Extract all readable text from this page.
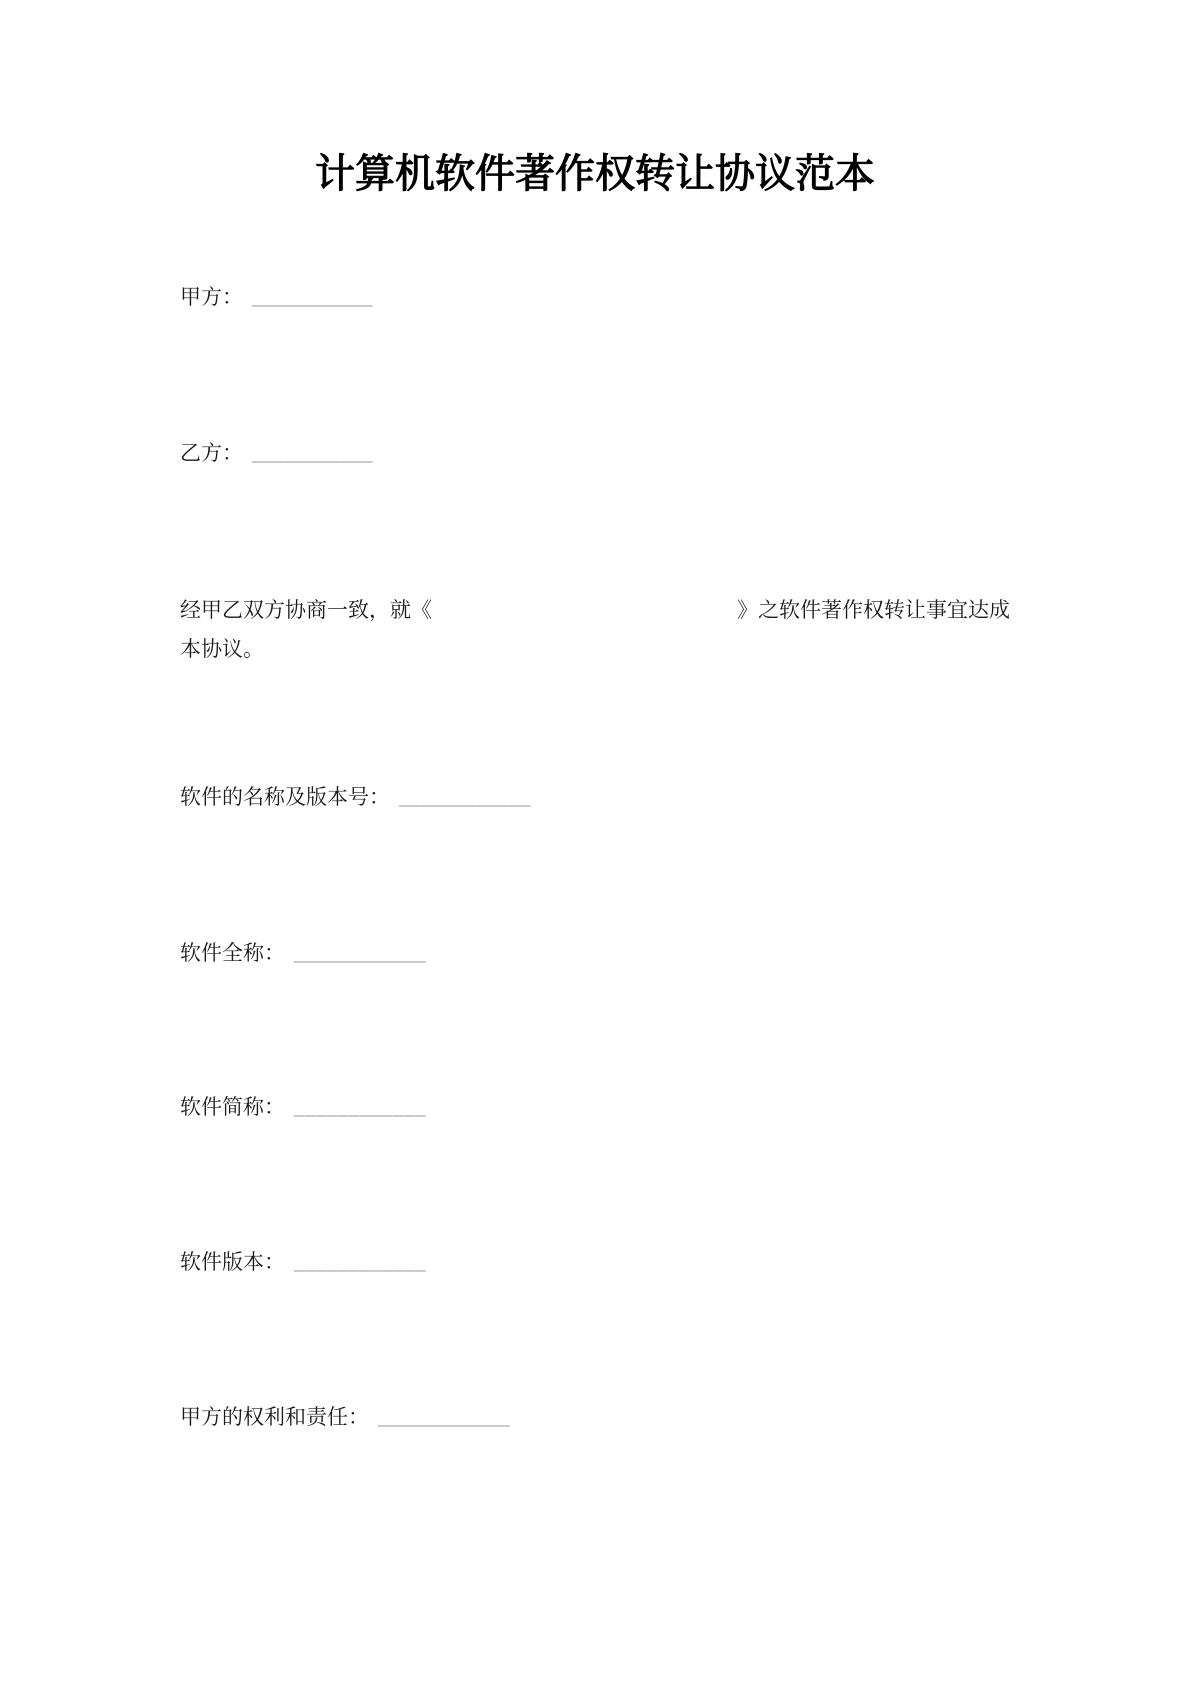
计算机软件著作权转让协议范本

甲方： ___________

乙方： ___________

经甲乙双方协商一致，就《	》之软件著作权转让事宜达成
本协议。

软件的名称及版本号： ____________

软件全称： ____________

软件简称： ____________

软件版本： ____________

甲方的权利和责任： ____________
